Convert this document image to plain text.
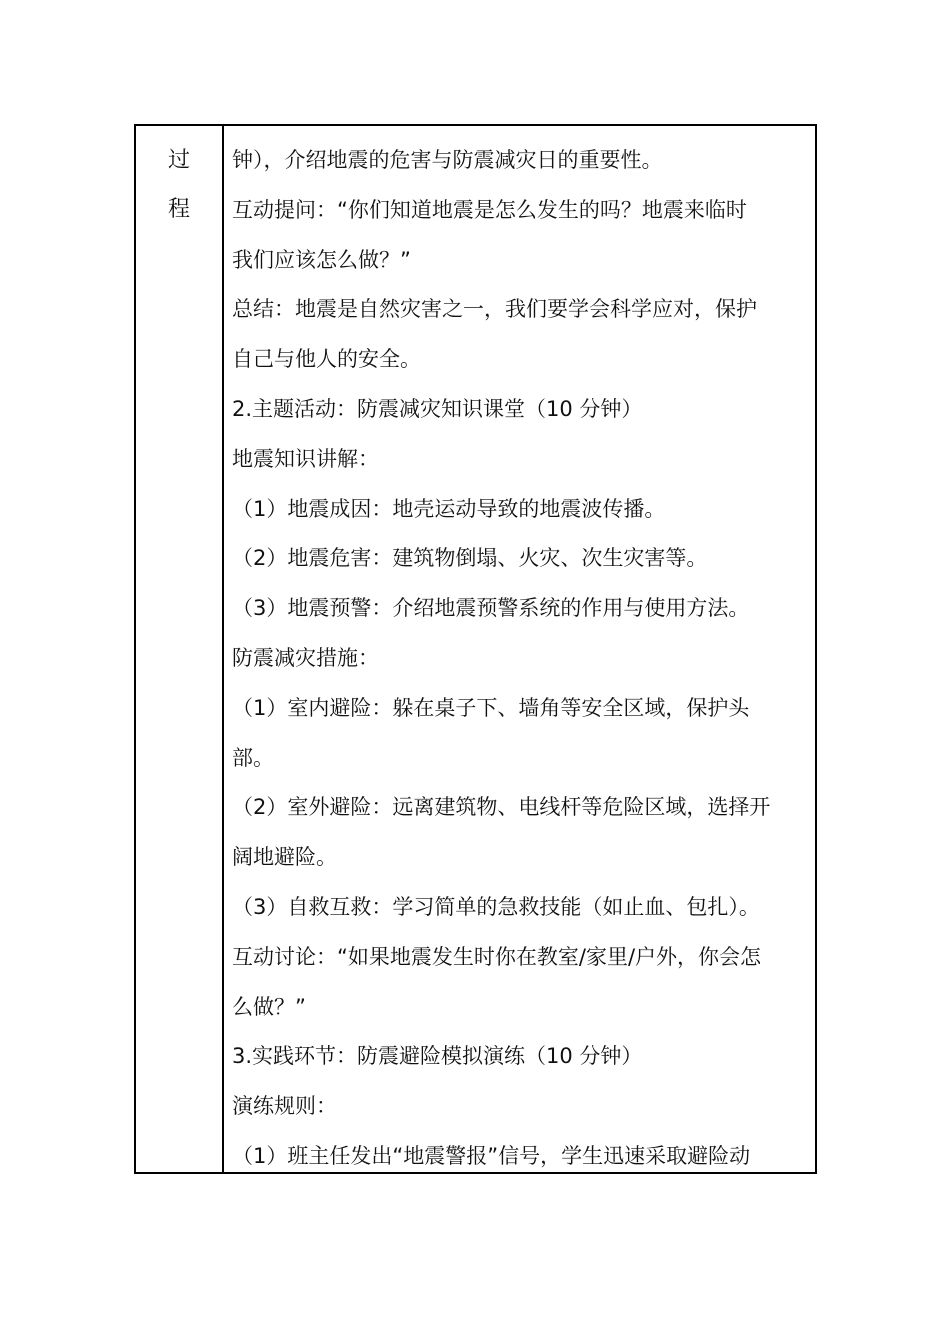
过
程
钟），介绍地震的危害与防震减灾日的重要性。
互动提问：“你们知道地震是怎么发生的吗？地震来临时
我们应该怎么做？”
总结：地震是自然灾害之一，我们要学会科学应对，保护
自己与他人的安全。
2.主题活动：防震减灾知识课堂（10 分钟）
地震知识讲解：
（1）地震成因：地壳运动导致的地震波传播。
（2）地震危害：建筑物倒塌、火灾、次生灾害等。
（3）地震预警：介绍地震预警系统的作用与使用方法。
防震减灾措施：
（1）室内避险：躲在桌子下、墙角等安全区域，保护头
部。
（2）室外避险：远离建筑物、电线杆等危险区域，选择开
阔地避险。
（3）自救互救：学习简单的急救技能（如止血、包扎）。
互动讨论：“如果地震发生时你在教室/家里/户外，你会怎
么做？”
3.实践环节：防震避险模拟演练（10 分钟）
演练规则：
（1）班主任发出“地震警报”信号，学生迅速采取避险动
